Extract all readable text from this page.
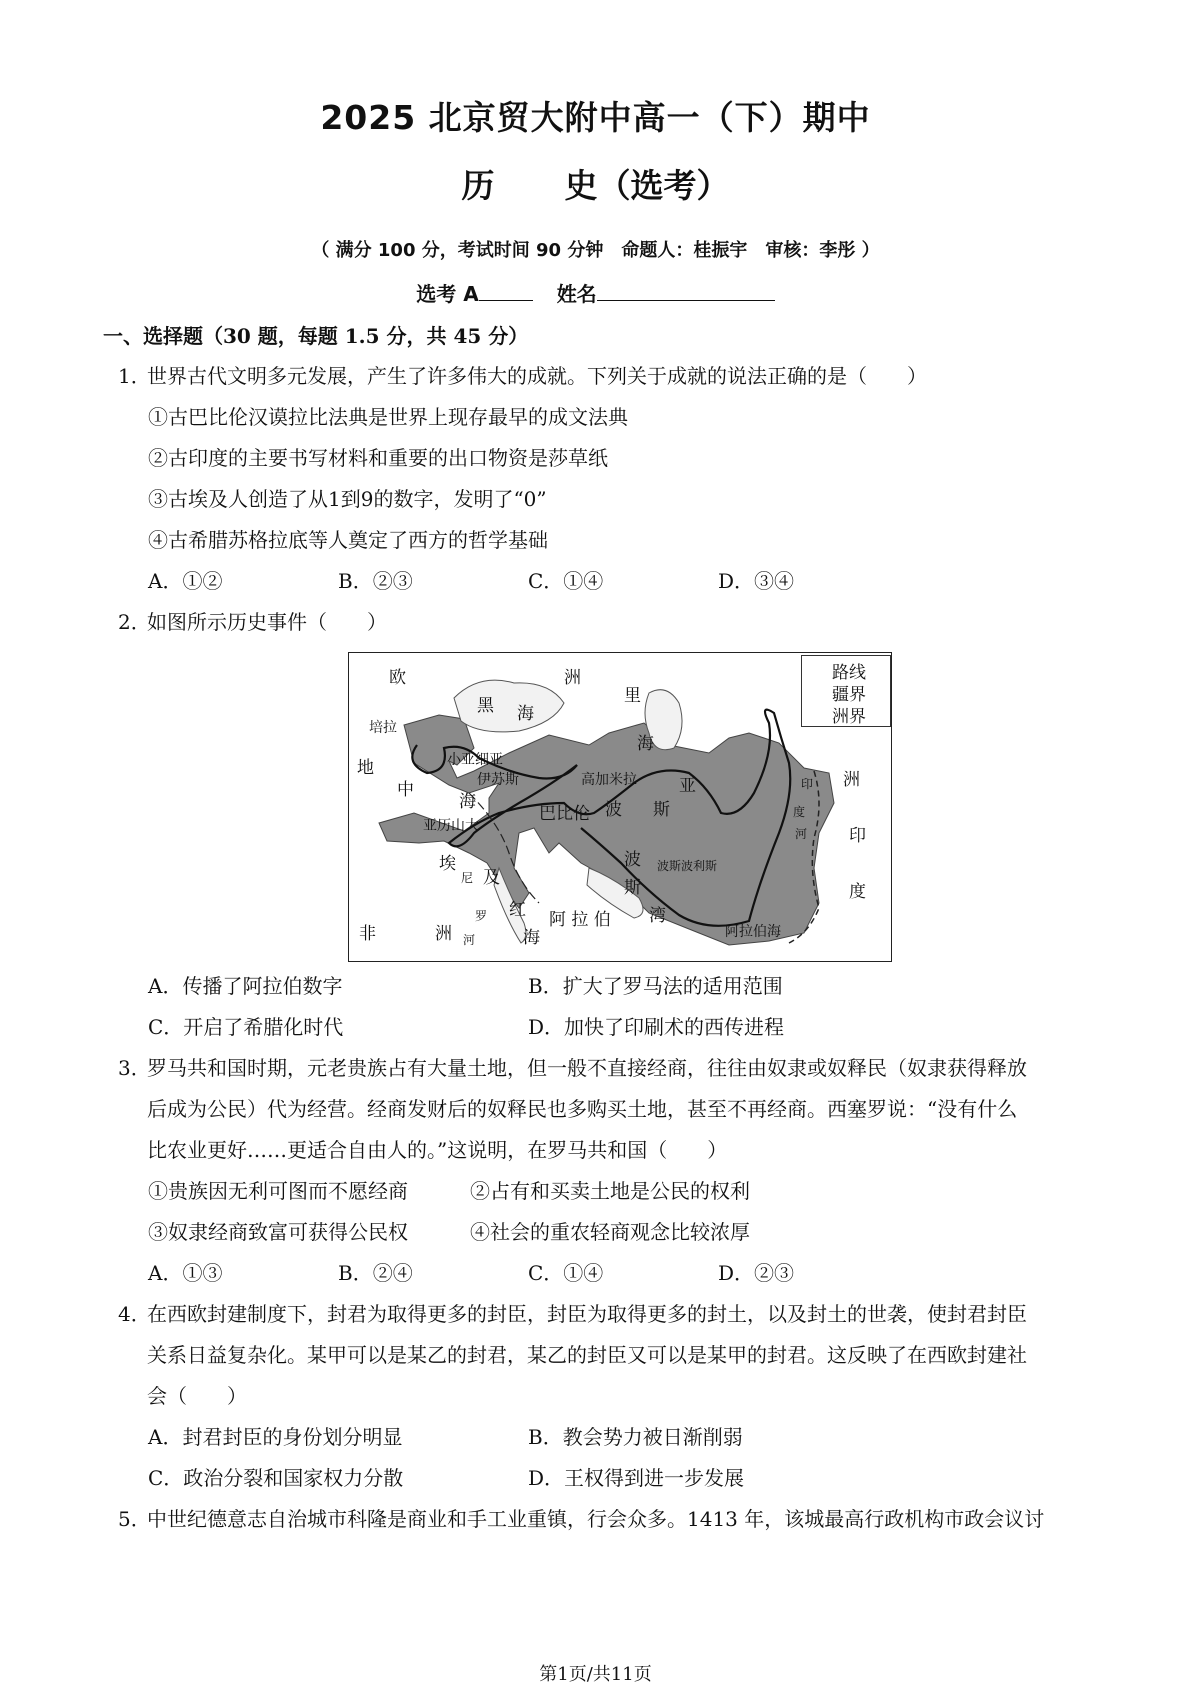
2025 北京贸大附中高一（下）期中
历 史（选考）
（ 满分 100 分，考试时间 90 分钟　命题人：桂振宇　审核：李彤 ）
选考 A	姓名
一、选择题（30 题，每题 1.5 分，共 45 分）
1．世界古代文明多元发展，产生了许多伟大的成就。下列关于成就的说法正确的是（　　）
①古巴比伦汉谟拉比法典是世界上现存最早的成文法典
②古印度的主要书写材料和重要的出口物资是莎草纸
③古埃及人创造了从1到9的数字，发明了“0”
④古希腊苏格拉底等人奠定了西方的哲学基础
A．①②	B．②③	C．①④	D．③④
2．如图所示历史事件（　　）
路线
疆界
洲界
欧	洲
黑 海
里
海
培拉
小亚细亚
伊苏斯	高加米拉
地
中
海
亚历山大
巴比伦 波 斯
亚
波斯波利斯
波
斯
湾
埃
及
尼
罗
河
红
海
阿 拉 伯
非	洲	阿拉伯海
印
度
河
洲
印
度
A．传播了阿拉伯数字	B．扩大了罗马法的适用范围
C．开启了希腊化时代	D．加快了印刷术的西传进程
3．罗马共和国时期，元老贵族占有大量土地，但一般不直接经商，往往由奴隶或奴释民（奴隶获得释放
后成为公民）代为经营。经商发财后的奴释民也多购买土地，甚至不再经商。西塞罗说：“没有什么
比农业更好……更适合自由人的。”这说明，在罗马共和国（　　）
①贵族因无利可图而不愿经商	②占有和买卖土地是公民的权利
③奴隶经商致富可获得公民权	④社会的重农轻商观念比较浓厚
A．①③	B．②④	C．①④	D．②③
4．在西欧封建制度下，封君为取得更多的封臣，封臣为取得更多的封土，以及封土的世袭，使封君封臣
关系日益复杂化。某甲可以是某乙的封君，某乙的封臣又可以是某甲的封君。这反映了在西欧封建社
会（　　）
A．封君封臣的身份划分明显	B．教会势力被日渐削弱
C．政治分裂和国家权力分散	D．王权得到进一步发展
5．中世纪德意志自治城市科隆是商业和手工业重镇，行会众多。1413 年，该城最高行政机构市政会议讨
第1页/共11页
